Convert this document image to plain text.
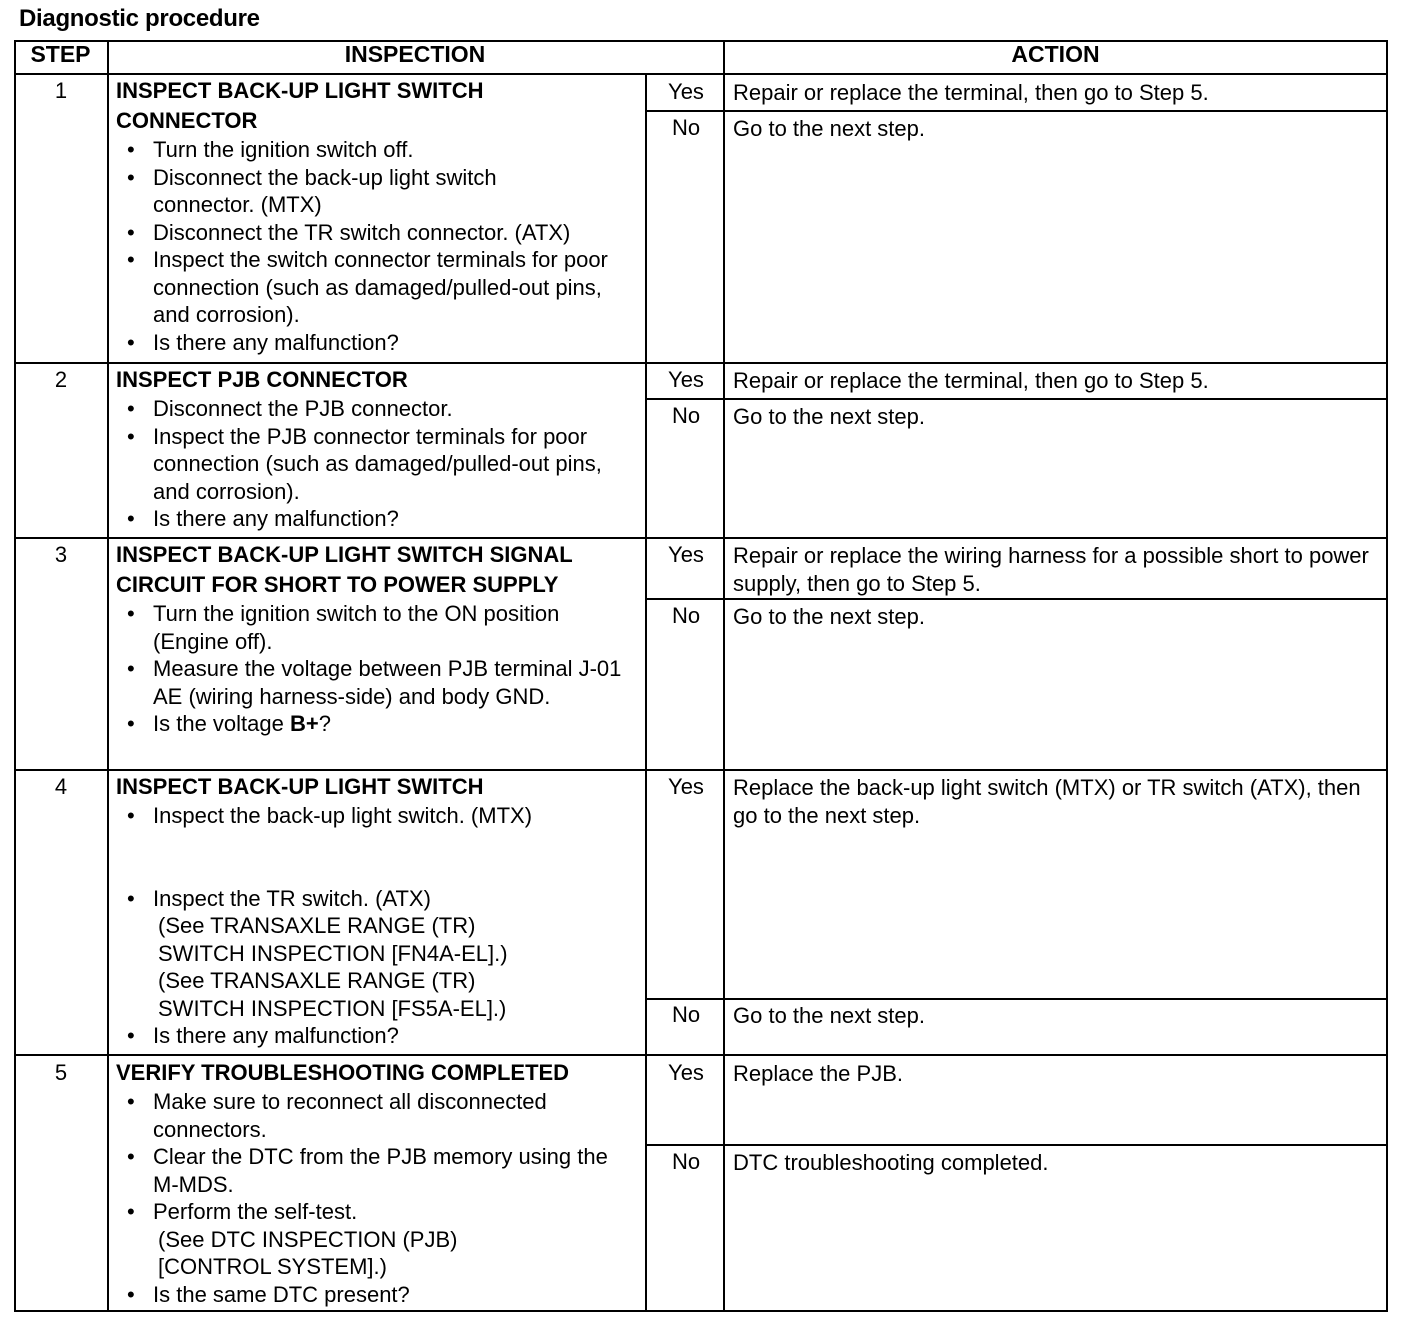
Diagnostic procedure
STEP	INSPECTION	ACTION
1	INSPECT BACK-UP LIGHT SWITCH CONNECTOR
• Turn the ignition switch off.
• Disconnect the back-up light switch connector. (MTX)
• Disconnect the TR switch connector. (ATX)
• Inspect the switch connector terminals for poor connection (such as damaged/pulled-out pins, and corrosion).
• Is there any malfunction?
Yes	Repair or replace the terminal, then go to Step 5.
No	Go to the next step.
2	INSPECT PJB CONNECTOR
• Disconnect the PJB connector.
• Inspect the PJB connector terminals for poor connection (such as damaged/pulled-out pins, and corrosion).
• Is there any malfunction?
Yes	Repair or replace the terminal, then go to Step 5.
No	Go to the next step.
3	INSPECT BACK-UP LIGHT SWITCH SIGNAL CIRCUIT FOR SHORT TO POWER SUPPLY
• Turn the ignition switch to the ON position (Engine off).
• Measure the voltage between PJB terminal J-01 AE (wiring harness-side) and body GND.
• Is the voltage B+?
Yes	Repair or replace the wiring harness for a possible short to power supply, then go to Step 5.
No	Go to the next step.
4	INSPECT BACK-UP LIGHT SWITCH
• Inspect the back-up light switch. (MTX)
• Inspect the TR switch. (ATX)
(See TRANSAXLE RANGE (TR) SWITCH INSPECTION [FN4A-EL].)
(See TRANSAXLE RANGE (TR) SWITCH INSPECTION [FS5A-EL].)
• Is there any malfunction?
Yes	Replace the back-up light switch (MTX) or TR switch (ATX), then go to the next step.
No	Go to the next step.
5	VERIFY TROUBLESHOOTING COMPLETED
• Make sure to reconnect all disconnected connectors.
• Clear the DTC from the PJB memory using the M-MDS.
• Perform the self-test.
(See DTC INSPECTION (PJB) [CONTROL SYSTEM].)
• Is the same DTC present?
Yes	Replace the PJB.
No	DTC troubleshooting completed.
